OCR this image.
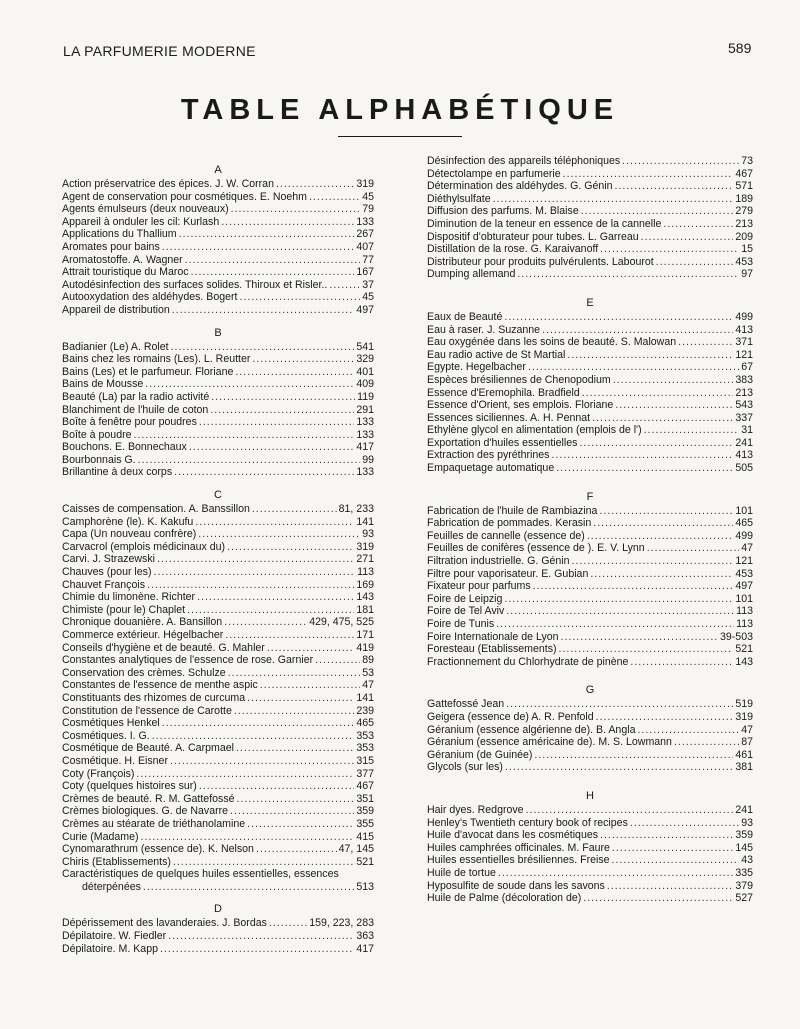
LA PARFUMERIE MODERNE	589
TABLE ALPHABÉTIQUE
A
Action préservatrice des épices. J. W. Corran .....	319
Agent de conservation pour cosmétiques. E. Noehm .....	45
Agents émulseurs (deux nouveaux) .....	79
Appareil à onduler les cil: Kurlash .....	133
Applications du Thallium .....	267
Aromates pour bains .....	407
Aromatostoffe. A. Wagner .....	77
Attrait touristique du Maroc .....	167
Autodésinfection des surfaces solides. Thiroux et Risler.. .....	37
Autooxydation des aldéhydes. Bogert .....	45
Appareil de distribution .....	497
B
Badianier (Le) A. Rolet .....	541
Bains chez les romains (Les). L. Reutter .....	329
Bains (Les) et le parfumeur. Floriane .....	401
Bains de Mousse .....	409
Beauté (La) par la radio activité .....	119
Blanchiment de l'huile de coton .....	291
Boîte à fenêtre pour poudres .....	133
Boîte à poudre .....	133
Bouchons. E. Bonnechaux .....	417
Bourbonnais G. .....	99
Brillantine à deux corps .....	133
C
Caisses de compensation. A. Banssillon .....	81, 233
Camphorène (le). K. Kakufu .....	141
Capa (Un nouveau confrère) .....	93
Carvacrol (emplois médicinaux du) .....	319
Carvi. J. Strazewski .....	271
Chauves (pour les) .....	113
Chauvet François .....	169
Chimie du limonène. Richter .....	143
Chimiste (pour le) Chaplet .....	181
Chronique douanière. A. Bansillon .....	429, 475, 525
Commerce extérieur. Hégelbacher .....	171
Conseils d'hygiène et de beauté. G. Mahler .....	419
Constantes analytiques de l'essence de rose. Garnier .....	89
Conservation des crèmes. Schulze .....	53
Constantes de l'essence de menthe aspic .....	47
Constituants des rhizomes de curcuma .....	141
Constitution de l'essence de Carotte .....	239
Cosmétiques Henkel .....	465
Cosmétiques. I. G. .....	353
Cosmétique de Beauté. A. Carpmael .....	353
Cosmétique. H. Eisner .....	315
Coty (François) .....	377
Coty (quelques histoires sur) .....	467
Crèmes de beauté. R. M. Gattefossé .....	351
Crèmes biologiques. G. de Navarre .....	359
Crèmes au stéarate de triéthanolamine .....	355
Curie (Madame) .....	415
Cynomarathrum (essence de). K. Nelson .....	47, 145
Chiris (Etablissements) .....	521
Caractéristiques de quelques huiles essentielles, essences
déterpénées .....	513
D
Dépérissement des lavanderaies. J. Bordas .....	159, 223, 283
Dépilatoire. W. Fiedler .....	363
Dépilatoire. M. Kapp .....	417
Désinfection des appareils téléphoniques .....	73
Détectolampe en parfumerie .....	467
Détermination des aldéhydes. G. Génin .....	571
Diéthylsulfate .....	189
Diffusion des parfums. M. Blaise .....	279
Diminution de la teneur en essence de la cannelle .....	213
Dispositif d'obturateur pour tubes. L. Garreau .....	209
Distillation de la rose. G. Karaivanoff .....	15
Distributeur pour produits pulvérulents. Labourot .....	453
Dumping allemand .....	97
E
Eaux de Beauté .....	499
Eau à raser. J. Suzanne .....	413
Eau oxygénée dans les soins de beauté. S. Malowan .....	371
Eau radio active de St Martial .....	121
Egypte. Hegelbacher .....	67
Espèces brésiliennes de Chenopodium .....	383
Essence d'Eremophila. Bradfield .....	213
Essence d'Orient, ses emplois. Floriane .....	543
Essences siciliennes. A. H. Pennat .....	337
Ethylène glycol en alimentation (emplois de l') .....	31
Exportation d'huiles essentielles .....	241
Extraction des pyréthrines .....	413
Empaquetage automatique .....	505
F
Fabrication de l'huile de Rambiazina .....	101
Fabrication de pommades. Kerasin .....	465
Feuilles de cannelle (essence de) .....	499
Feuilles de conifères (essence de ). E. V. Lynn .....	47
Filtration industrielle. G. Génin .....	121
Filtre pour vaporisateur. E. Gubian .....	453
Fixateur pour parfums .....	497
Foire de Leipzig .....	101
Foire de Tel Aviv .....	113
Foire de Tunis .....	113
Foire Internationale de Lyon .....	39-503
Foresteau (Etablissements) .....	521
Fractionnement du Chlorhydrate de pinène .....	143
G
Gattefossé Jean .....	519
Geigera (essence de) A. R. Penfold .....	319
Géranium (essence algérienne de). B. Angla .....	47
Géranium (essence américaine de). M. S. Lowmann .....	87
Géranium (de Guinée) .....	461
Glycols (sur les) .....	381
H
Hair dyes. Redgrove .....	241
Henley's Twentieth century book of recipes .....	93
Huile d'avocat dans les cosmétiques .....	359
Huiles camphrées officinales. M. Faure .....	145
Huiles essentielles brésiliennes. Freise .....	43
Huile de tortue .....	335
Hyposulfite de soude dans les savons .....	379
Huile de Palme (décoloration de) .....	527
